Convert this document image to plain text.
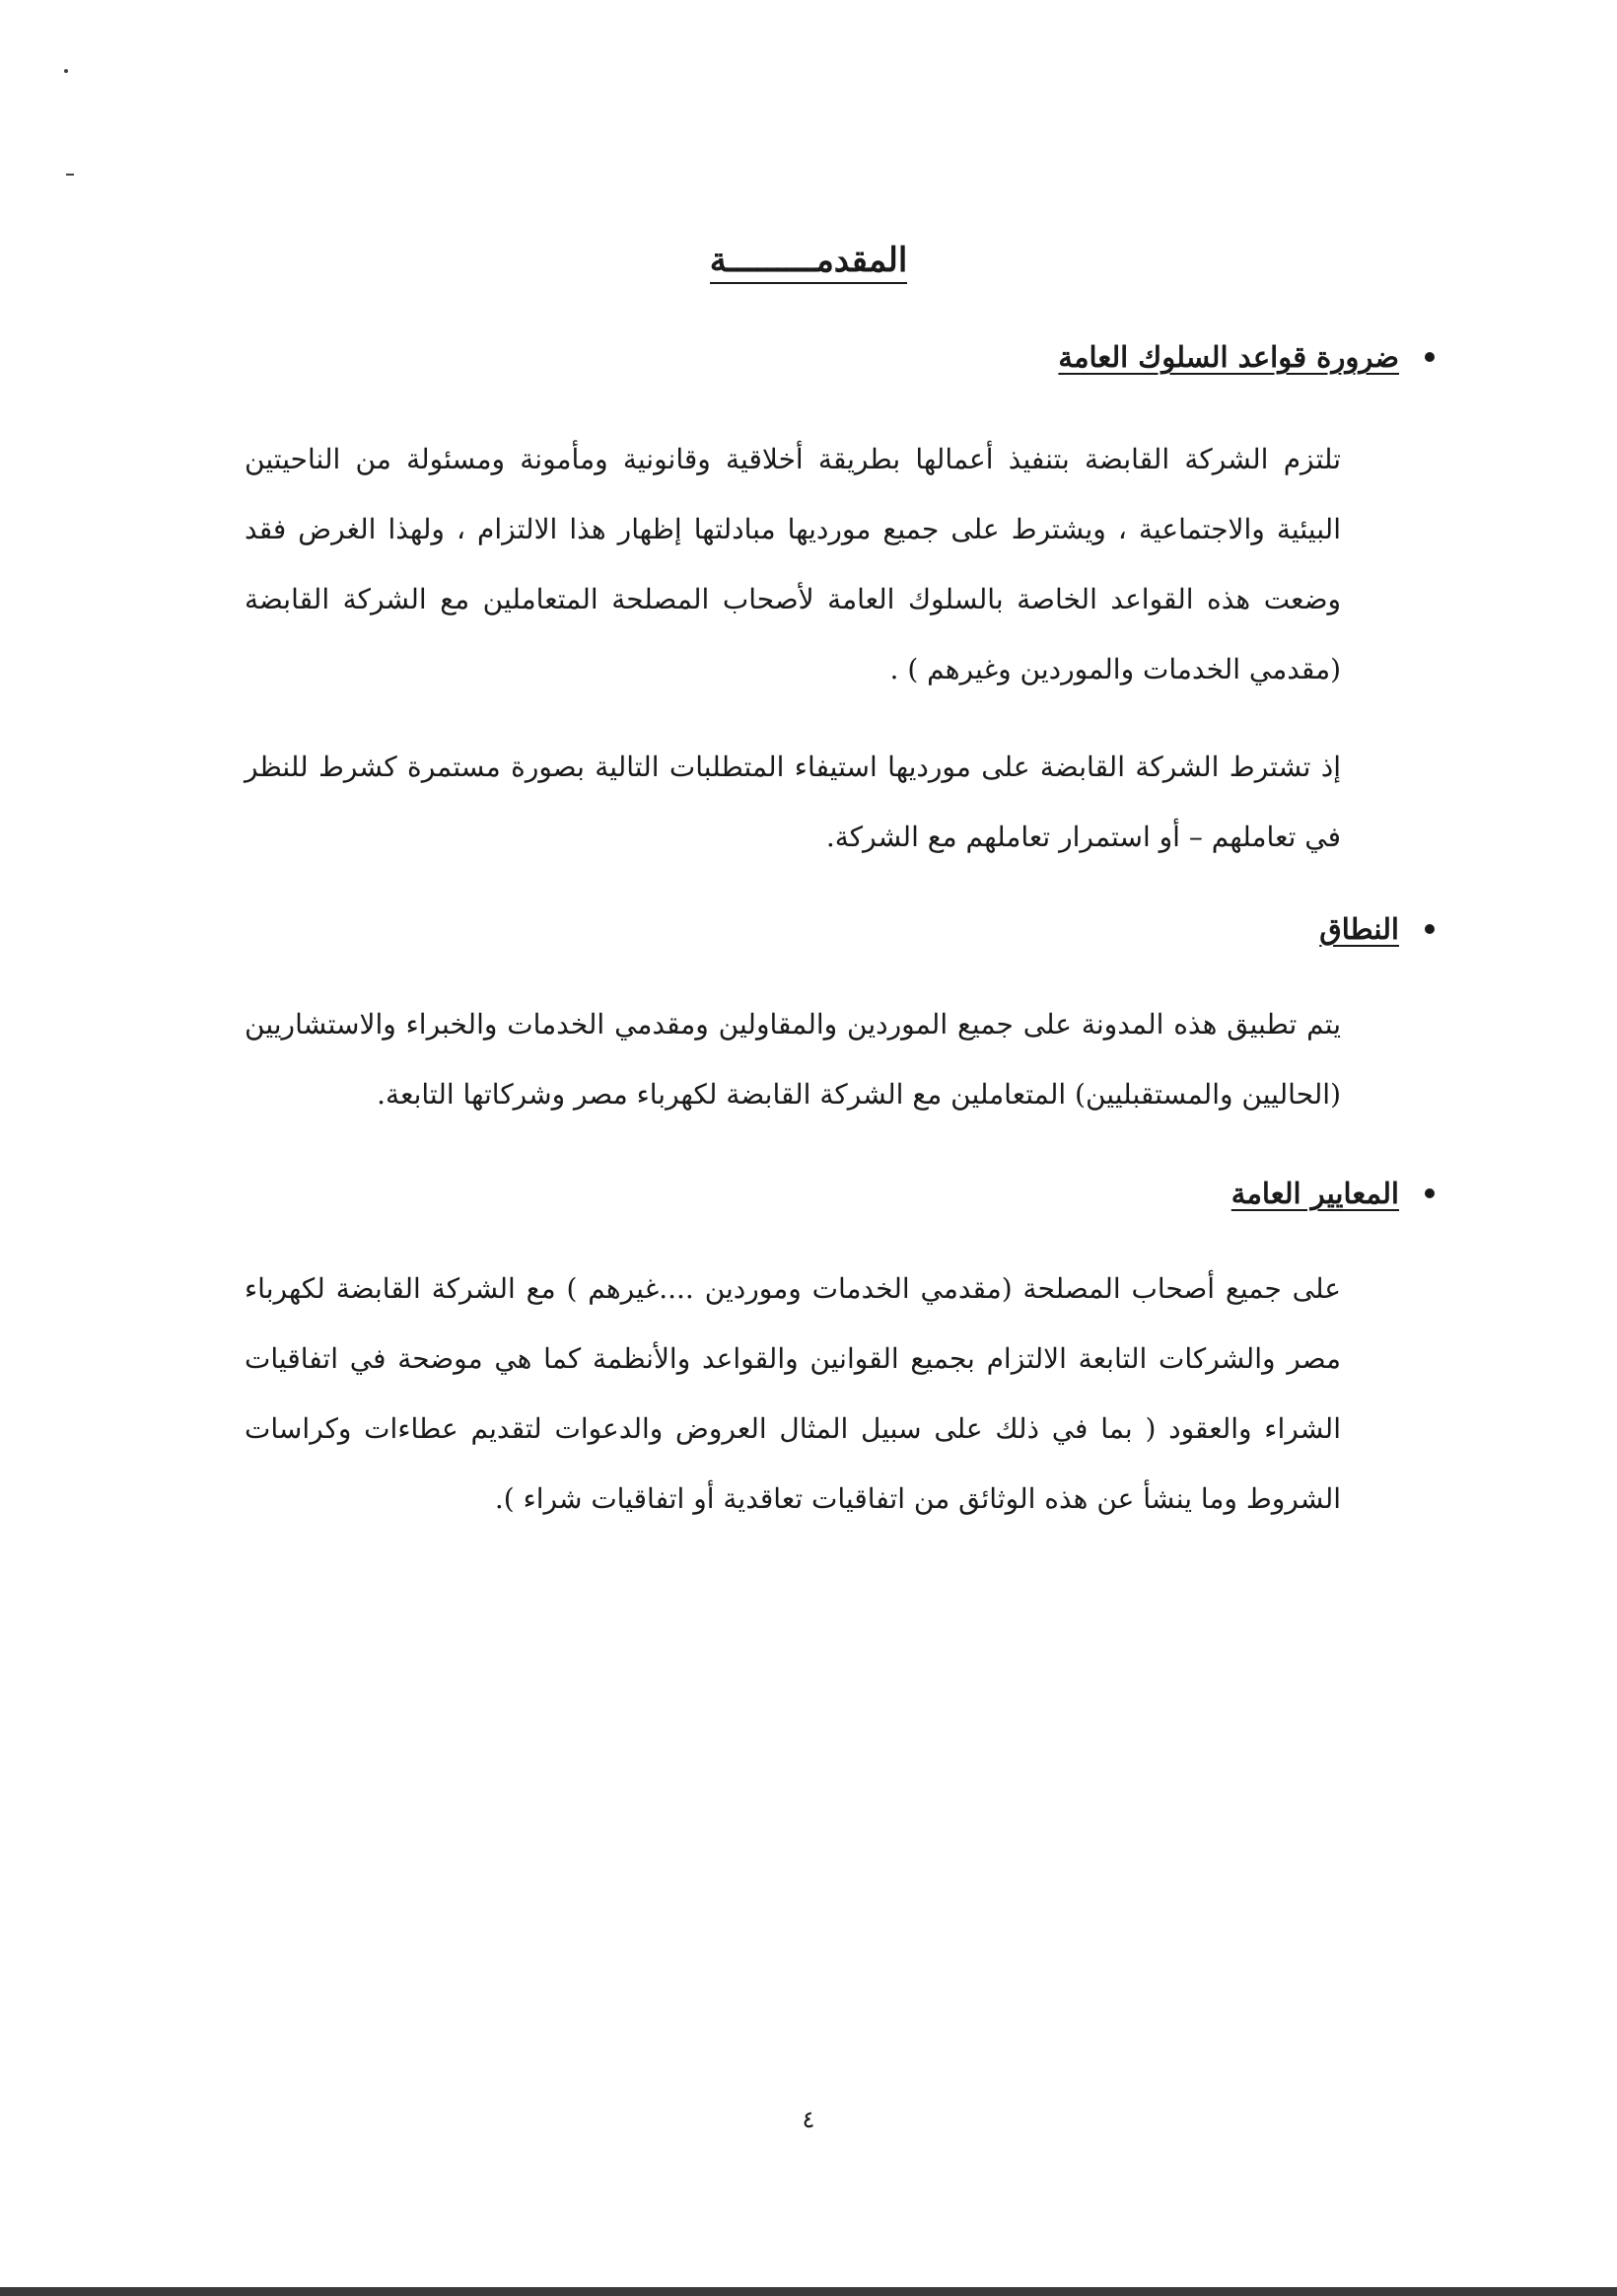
المقدمـــــــــة
ضرورة قواعد السلوك العامة

تلتزم الشركة القابضة بتنفيذ أعمالها بطريقة أخلاقية وقانونية ومأمونة ومسئولة من الناحيتين البيئية والاجتماعية ، ويشترط على جميع مورديها مبادلتها إظهار هذا الالتزام ، ولهذا الغرض فقد وضعت هذه القواعد الخاصة بالسلوك العامة لأصحاب المصلحة المتعاملين مع الشركة القابضة (مقدمي الخدمات والموردين وغيرهم ) .

إذ تشترط الشركة القابضة على مورديها استيفاء المتطلبات التالية بصورة مستمرة كشرط للنظر في تعاملهم – أو استمرار تعاملهم مع الشركة.

النطاق

يتم تطبيق هذه المدونة على جميع الموردين والمقاولين ومقدمي الخدمات والخبراء والاستشاريين (الحاليين والمستقبليين) المتعاملين مع الشركة القابضة لكهرباء مصر وشركاتها التابعة.

المعايير العامة

على جميع أصحاب المصلحة (مقدمي الخدمات وموردين ....غيرهم ) مع الشركة القابضة لكهرباء مصر والشركات التابعة الالتزام بجميع القوانين والقواعد والأنظمة كما هي موضحة في اتفاقيات الشراء والعقود ( بما في ذلك على سبيل المثال العروض والدعوات لتقديم عطاءات وكراسات الشروط وما ينشأ عن هذه الوثائق من اتفاقيات تعاقدية أو اتفاقيات شراء ).

٤
